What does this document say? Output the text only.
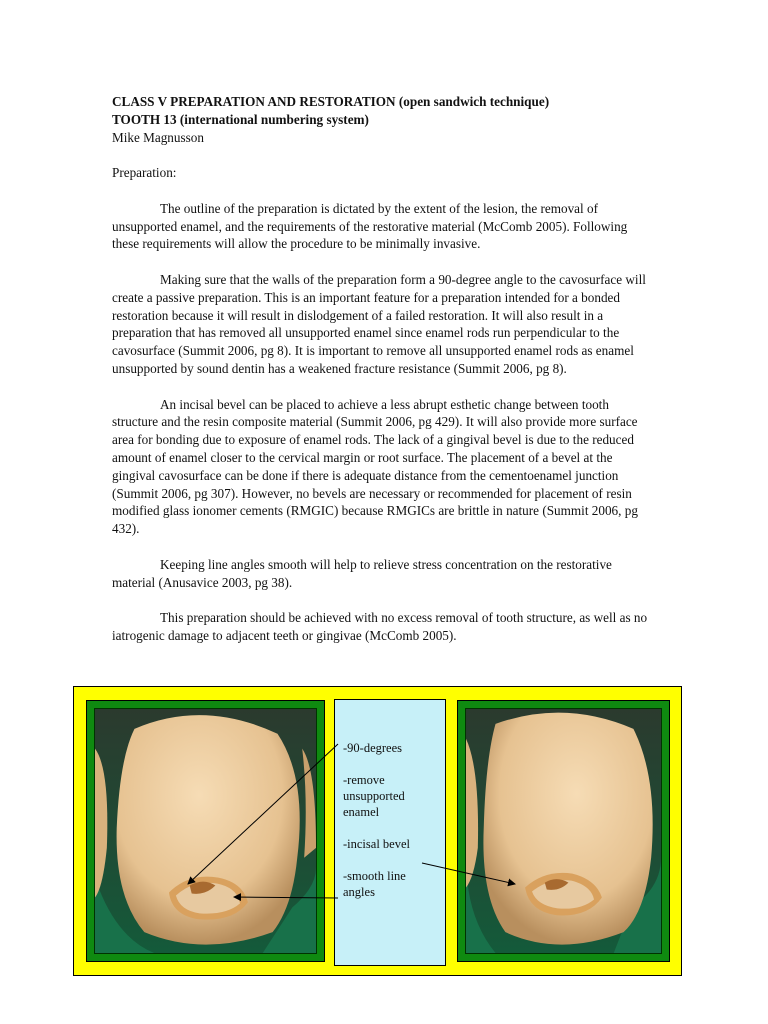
CLASS V PREPARATION AND RESTORATION (open sandwich technique)

TOOTH 13 (international numbering system)

Mike Magnusson

Preparation:

The outline of the preparation is dictated by the extent of the lesion, the removal of unsupported enamel, and the requirements of the restorative material (McComb 2005). Following these requirements will allow the procedure to be minimally invasive.

Making sure that the walls of the preparation form a 90-degree angle to the cavosurface will create a passive preparation. This is an important feature for a preparation intended for a bonded restoration because it will result in dislodgement of a failed restoration. It will also result in a preparation that has removed all unsupported enamel since enamel rods run perpendicular to the cavosurface (Summit 2006, pg 8). It is important to remove all unsupported enamel rods as enamel unsupported by sound dentin has a weakened fracture resistance (Summit 2006, pg 8).

An incisal bevel can be placed to achieve a less abrupt esthetic change between tooth structure and the resin composite material (Summit 2006, pg 429). It will also provide more surface area for bonding due to exposure of enamel rods. The lack of a gingival bevel is due to the reduced amount of enamel closer to the cervical margin or root surface. The placement of a bevel at the gingival cavosurface can be done if there is adequate distance from the cementoenamel junction (Summit 2006, pg 307). However, no bevels are necessary or recommended for placement of resin modified glass ionomer cements (RMGIC) because RMGICs are brittle in nature (Summit 2006, pg 432).

Keeping line angles smooth will help to relieve stress concentration on the restorative material (Anusavice 2003, pg 38).

This preparation should be achieved with no excess removal of tooth structure, as well as no iatrogenic damage to adjacent teeth or gingivae (McComb 2005).

-90-degrees

-remove unsupported enamel

-incisal bevel

-smooth line angles
